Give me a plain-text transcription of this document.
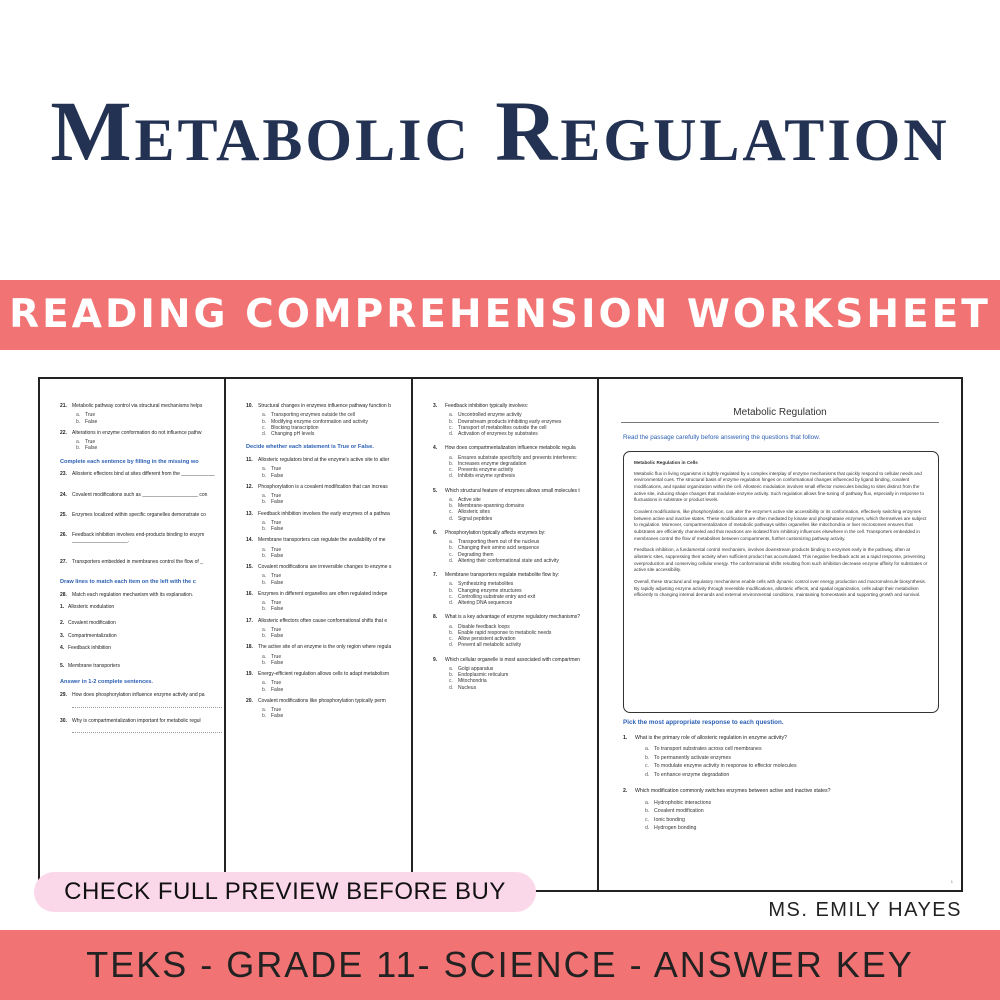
Metabolic Regulation
READING COMPREHENSION WORKSHEET
21. Metabolic pathway control via structural mechanisms helps
a. True
b. False
22. Alterations in enzyme conformation do not influence pathw
a. True
b. False
Complete each sentence by filling in the missing wo
23. Allosteric effectors bind at sites different from the ____________
24. Covalent modifications such as ____________________ con
25. Enzymes localized within specific organelles demonstrate co
26. Feedback inhibition involves end-products binding to enzym
____________________.
27. Transporters embedded in membranes control the flow of _
Draw lines to match each item on the left with the c
28. Match each regulation mechanism with its explanation.
1. Allosteric modulation
2. Covalent modification
3. Compartmentalization
4. Feedback inhibition
5. Membrane transporters
Answer in 1-2 complete sentences.
29. How does phosphorylation influence enzyme activity and pa
30. Why is compartmentalization important for metabolic regul
10. Structural changes in enzymes influence pathway function b
a. Transporting enzymes outside the cell
b. Modifying enzyme conformation and activity
c. Blocking transcription
d. Changing pH levels
Decide whether each statement is True or False.
11. Allosteric regulators bind at the enzyme's active site to alter
a. True
b. False
12. Phosphorylation is a covalent modification that can increas
a. True
b. False
13. Feedback inhibition involves the early enzymes of a pathwa
a. True
b. False
14. Membrane transporters can regulate the availability of me
a. True
b. False
15. Covalent modifications are irreversible changes to enzyme s
a. True
b. False
16. Enzymes in different organelles are often regulated indepe
a. True
b. False
17. Allosteric effectors often cause conformational shifts that e
a. True
b. False
18. The active site of an enzyme is the only region where regula
a. True
b. False
19. Energy-efficient regulation allows cells to adapt metabolism
a. True
b. False
20. Covalent modifications like phosphorylation typically perm
a. True
b. False
3. Feedback inhibition typically involves:
a. Uncontrolled enzyme activity
b. Downstream products inhibiting early enzymes
c. Transport of metabolites outside the cell
d. Activation of enzymes by substrates
4. How does compartmentalization influence metabolic regula
a. Ensures substrate specificity and prevents interferenc
b. Increases enzyme degradation
c. Prevents enzyme activity
d. Inhibits enzyme synthesis
5. Which structural feature of enzymes allows small molecules t
a. Active site
b. Membrane-spanning domains
c. Allosteric sites
d. Signal peptides
6. Phosphorylation typically affects enzymes by:
a. Transporting them out of the nucleus
b. Changing their amino acid sequence
c. Degrading them
d. Altering their conformational state and activity
7. Membrane transporters regulate metabolite flow by:
a. Synthesizing metabolites
b. Changing enzyme structures
c. Controlling substrate entry and exit
d. Altering DNA sequences
8. What is a key advantage of enzyme regulatory mechanisms?
a. Disable feedback loops
b. Enable rapid response to metabolic needs
c. Allow persistent activation
d. Prevent all metabolic activity
9. Which cellular organelle is most associated with compartmen
a. Golgi apparatus
b. Endoplasmic reticulum
c. Mitochondria
d. Nucleus
Metabolic Regulation
Read the passage carefully before answering the questions that follow.
Metabolic Regulation in Cells

Metabolic flux in living organisms is tightly regulated by a complex interplay of enzyme mechanisms that quickly respond to cellular needs and environmental cues. The structural basis of enzyme regulation hinges on conformational changes influenced by ligand binding, covalent modifications, and spatial organization within the cell. Allosteric modulation involves small effector molecules binding to sites distinct from the active site, inducing shape changes that modulate enzyme activity. Such regulation allows fine-tuning of pathway flux, especially in response to fluctuations in substrate or product levels.

Covalent modifications, like phosphorylation, can alter the enzyme's active site accessibility or its conformation, effectively switching enzymes between active and inactive states. These modifications are often mediated by kinase and phosphatase enzymes, which themselves are subject to regulation. Moreover, compartmentalization of metabolic pathways within organelles like mitochondria or liver microsomes ensures that substrates are efficiently channeled and that reactions are isolated from inhibitory influences elsewhere in the cell. Transporters embedded in membranes control the flow of metabolites between compartments, further customizing pathway activity.

Feedback inhibition, a fundamental control mechanism, involves downstream products binding to enzymes early in the pathway, often at allosteric sites, suppressing their activity when sufficient product has accumulated. This negative feedback acts as a rapid response, preventing overproduction and conserving cellular energy. The conformational shifts resulting from such inhibition decrease enzyme affinity for substrates or active site accessibility.

Overall, these structural and regulatory mechanisms enable cells with dynamic control over energy production and macromolecule biosynthesis. By rapidly adjusting enzyme activity through reversible modifications, allosteric effects, and spatial organization, cells adapt their metabolism efficiently to changing internal demands and external environmental conditions, maintaining homeostasis and supporting growth and survival.

Pick the most appropriate response to each question.
1. What is the primary role of allosteric regulation in enzyme activity?
a. To transport substrates across cell membranes
b. To permanently activate enzymes
c. To modulate enzyme activity in response to effector molecules
d. To enhance enzyme degradation
2. Which modification commonly switches enzymes between active and inactive states?
a. Hydrophobic interactions
b. Covalent modification
c. Ionic bonding
d. Hydrogen bonding
1
CHECK FULL PREVIEW BEFORE BUY
MS. EMILY HAYES
TEKS - GRADE 11- SCIENCE - ANSWER KEY
